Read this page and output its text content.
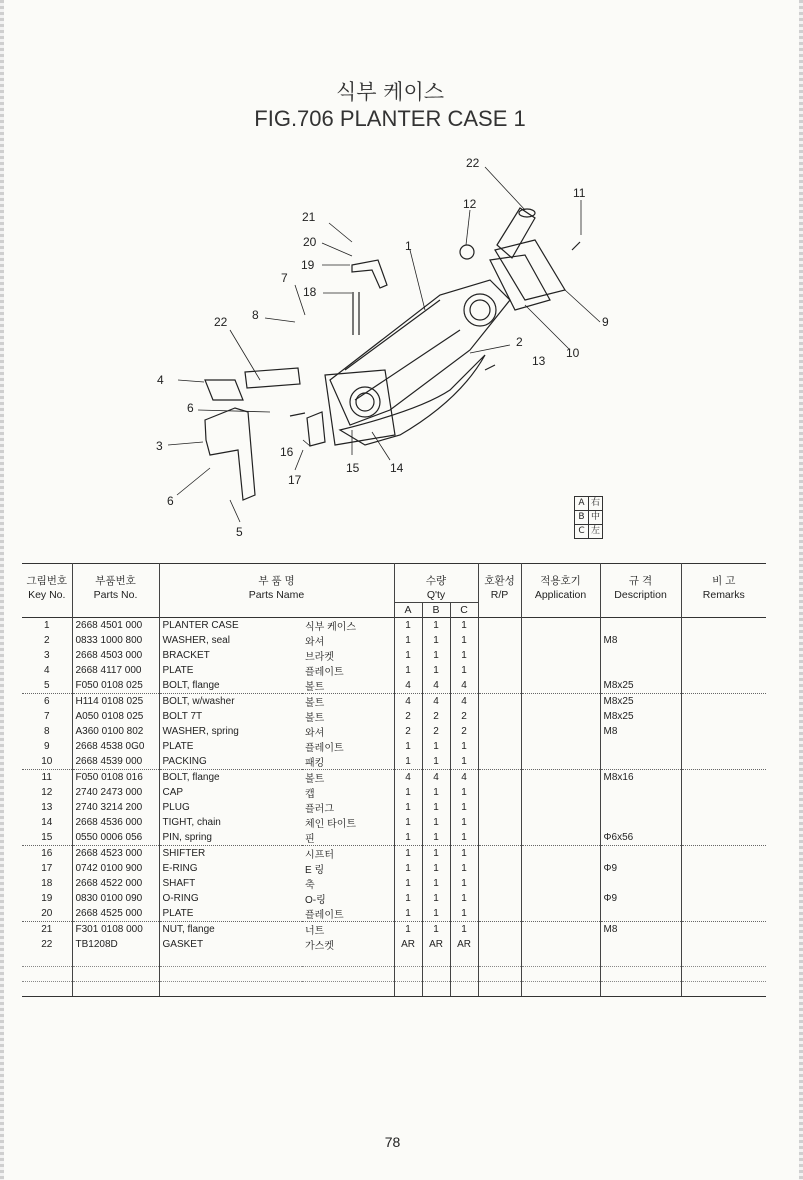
식부 케이스
FIG.706 PLANTER CASE 1
22
11
21
12
20	1
19
7
18
9
8
22
2
10
13
4
6
3	16
15	14
17
6
5
A	右
B	中
C	左
그림번호	부품번호	부 품 명		수량			호환성	적용호기	규 격	비 고
Key No.	Parts No.	Parts Name		Q'ty			R/P	Application	Description	Remarks
				A	B	C				
1	2668 4501 000	PLANTER CASE	식부 케이스	1	1	1				
2	0833 1000 800	WASHER, seal	와셔	1	1	1			M8	
3	2668 4503 000	BRACKET	브라켓	1	1	1				
4	2668 4117 000	PLATE	플레이트	1	1	1				
5	F050 0108 025	BOLT, flange	볼트	4	4	4			M8x25	
6	H114 0108 025	BOLT, w/washer	볼트	4	4	4			M8x25	
7	A050 0108 025	BOLT 7T	볼트	2	2	2			M8x25	
8	A360 0100 802	WASHER, spring	와셔	2	2	2			M8	
9	2668 4538 0G0	PLATE	플레이트	1	1	1				
10	2668 4539 000	PACKING	패킹	1	1	1				
11	F050 0108 016	BOLT, flange	볼트	4	4	4			M8x16	
12	2740 2473 000	CAP	캡	1	1	1				
13	2740 3214 200	PLUG	플러그	1	1	1				
14	2668 4536 000	TIGHT, chain	체인 타이트	1	1	1				
15	0550 0006 056	PIN, spring	핀	1	1	1			Φ6x56	
16	2668 4523 000	SHIFTER	시프터	1	1	1				
17	0742 0100 900	E-RING	E 링	1	1	1			Φ9	
18	2668 4522 000	SHAFT	축	1	1	1				
19	0830 0100 090	O-RING	O-링	1	1	1			Φ9	
20	2668 4525 000	PLATE	플레이트	1	1	1				
21	F301 0108 000	NUT, flange	너트	1	1	1			M8	
22	TB1208D	GASKET	가스켓	AR	AR	AR				

78
